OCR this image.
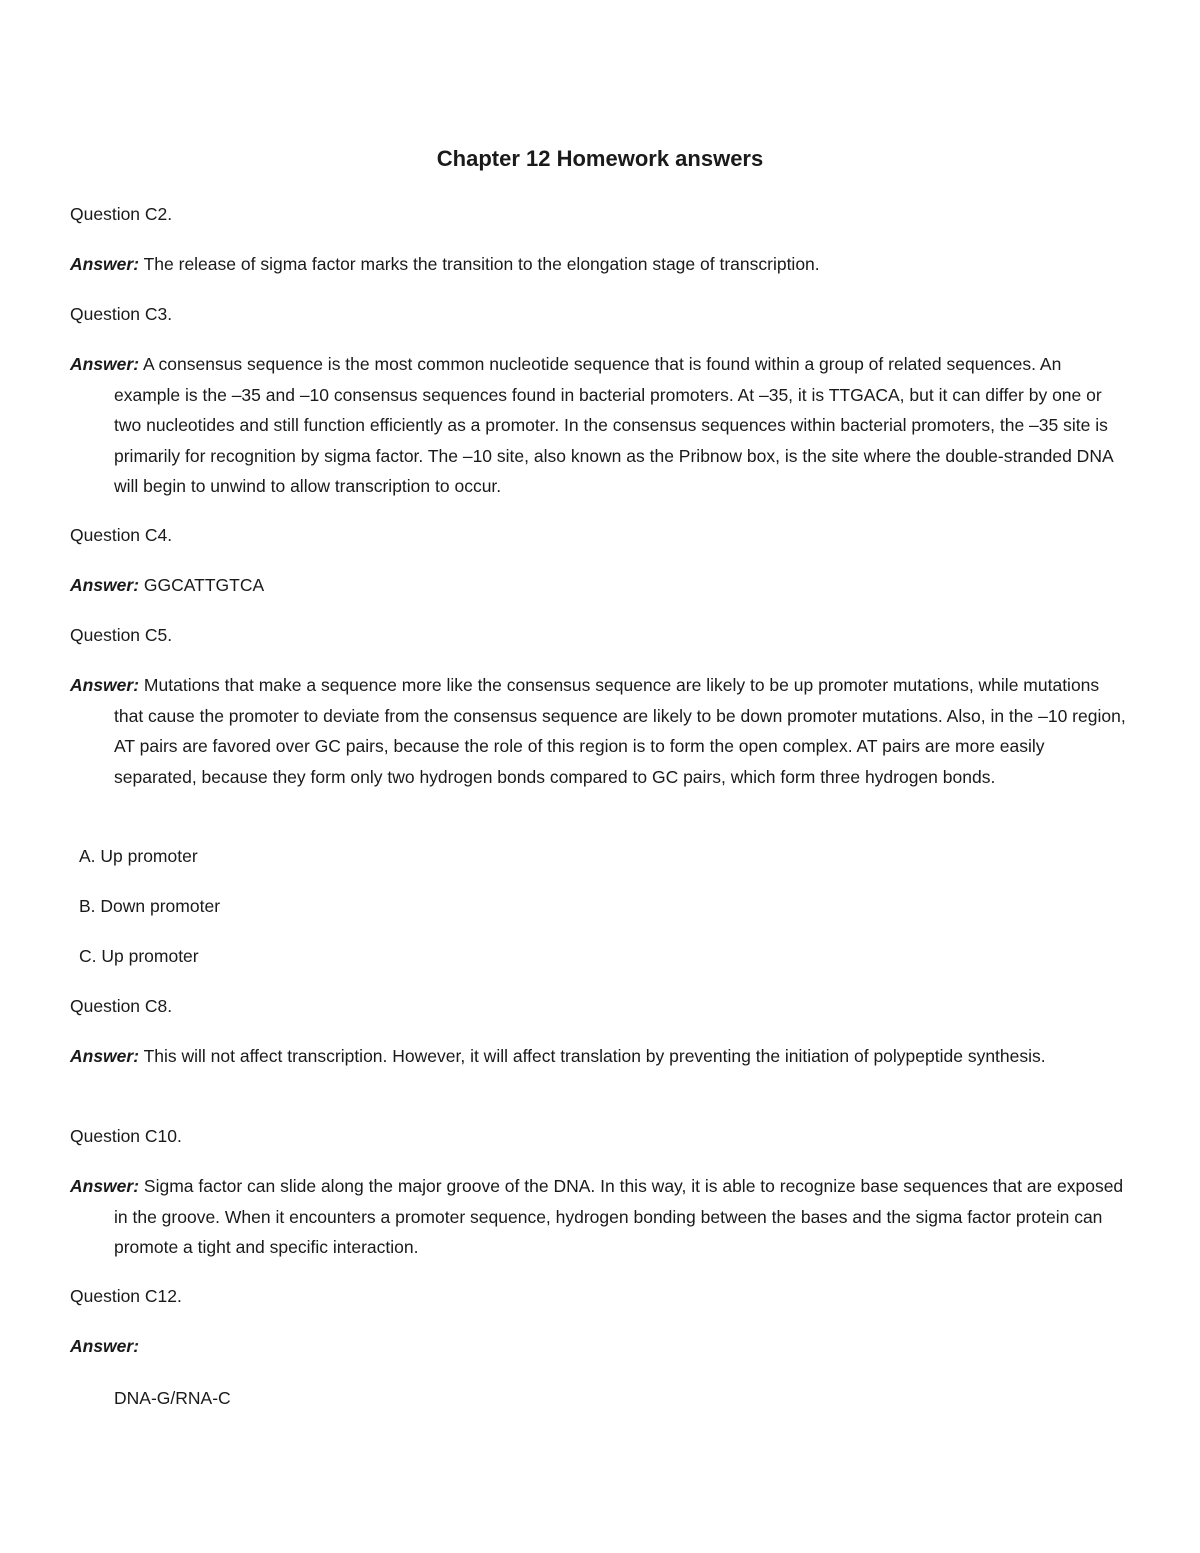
Chapter 12 Homework answers

Question C2.

Answer: The release of sigma factor marks the transition to the elongation stage of transcription.

Question C3.

Answer: A consensus sequence is the most common nucleotide sequence that is found within a group of related sequences. An example is the –35 and –10 consensus sequences found in bacterial promoters. At –35, it is TTGACA, but it can differ by one or two nucleotides and still function efficiently as a promoter. In the consensus sequences within bacterial promoters, the –35 site is primarily for recognition by sigma factor. The –10 site, also known as the Pribnow box, is the site where the double-stranded DNA will begin to unwind to allow transcription to occur.

Question C4.

Answer: GGCATTGTCA

Question C5.

Answer: Mutations that make a sequence more like the consensus sequence are likely to be up promoter mutations, while mutations that cause the promoter to deviate from the consensus sequence are likely to be down promoter mutations. Also, in the –10 region, AT pairs are favored over GC pairs, because the role of this region is to form the open complex. AT pairs are more easily separated, because they form only two hydrogen bonds compared to GC pairs, which form three hydrogen bonds.

A. Up promoter

B. Down promoter

C. Up promoter

Question C8.

Answer: This will not affect transcription. However, it will affect translation by preventing the initiation of polypeptide synthesis.

Question C10.

Answer: Sigma factor can slide along the major groove of the DNA. In this way, it is able to recognize base sequences that are exposed in the groove. When it encounters a promoter sequence, hydrogen bonding between the bases and the sigma factor protein can promote a tight and specific interaction.

Question C12.

Answer:

DNA-G/RNA-C
